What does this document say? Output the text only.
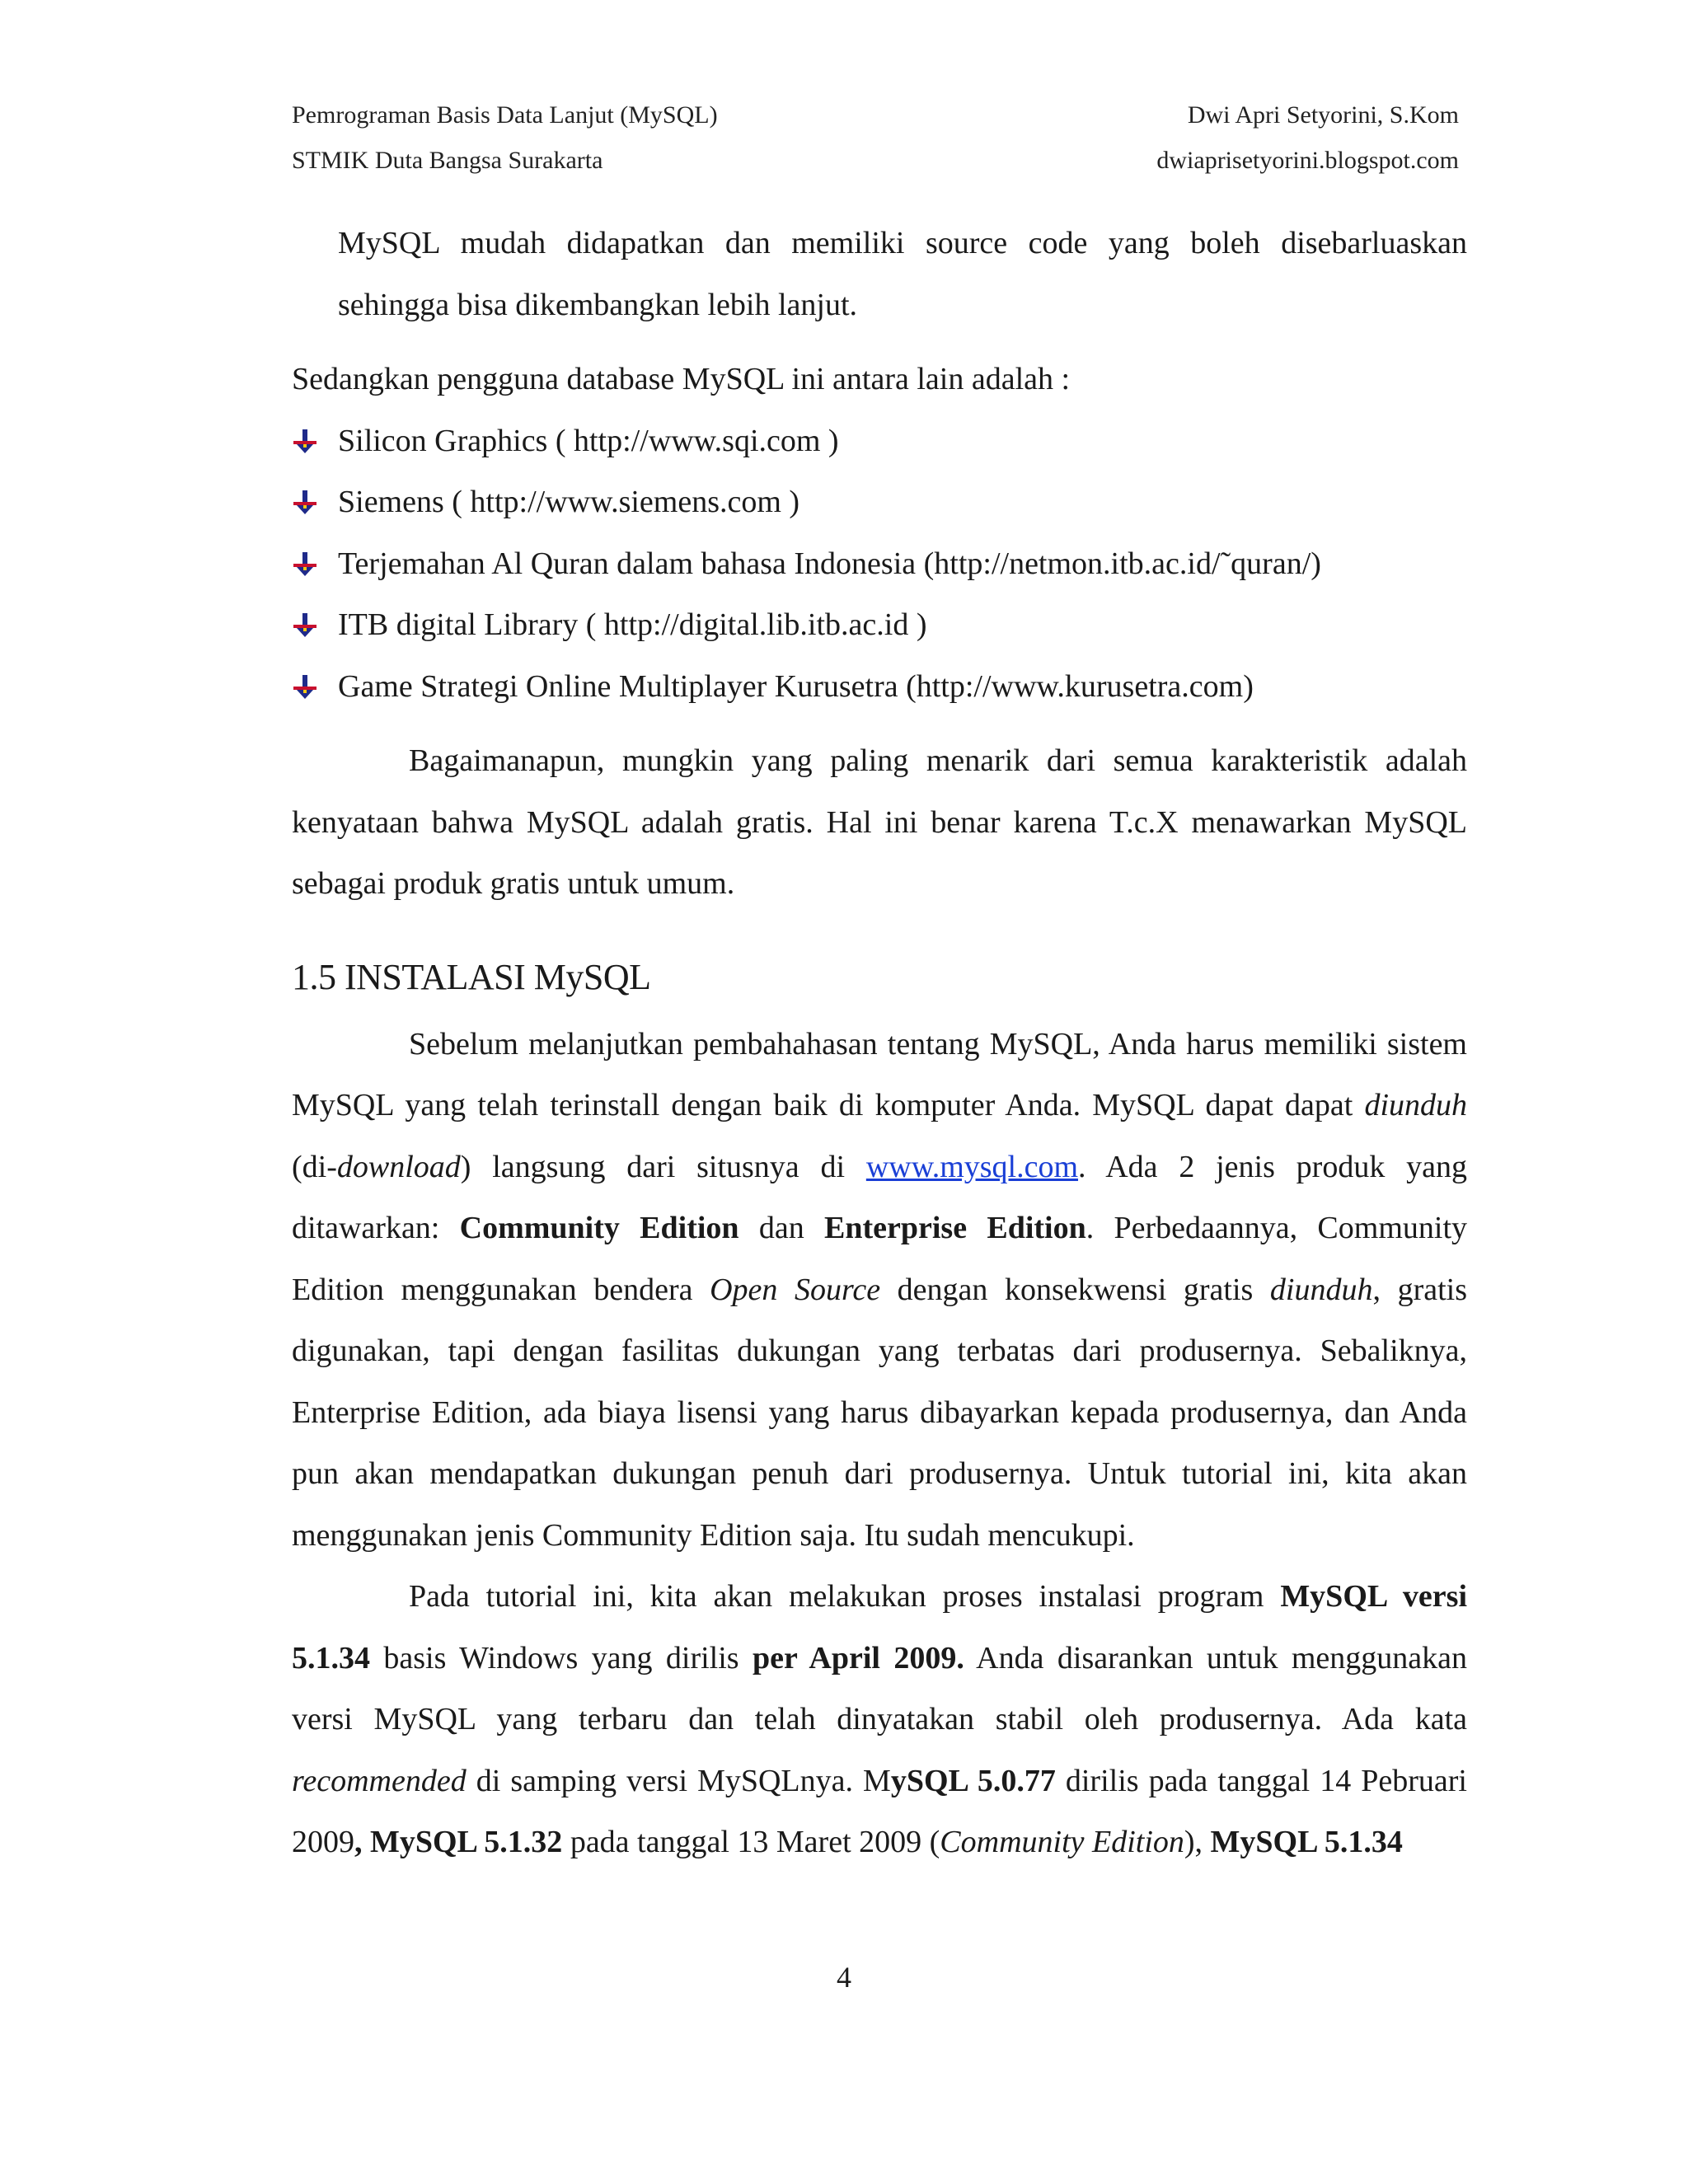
Pemrograman Basis Data Lanjut (MySQL)	Dwi Apri Setyorini, S.Kom
STMIK Duta Bangsa Surakarta	dwiaprisetyorini.blogspot.com

MySQL mudah didapatkan dan memiliki source code yang boleh disebarluaskan sehingga bisa dikembangkan lebih lanjut.

Sedangkan pengguna database MySQL ini antara lain adalah :

Silicon Graphics ( http://www.sqi.com )
Siemens ( http://www.siemens.com )
Terjemahan Al Quran dalam bahasa Indonesia (http://netmon.itb.ac.id/˜quran/)
ITB digital Library ( http://digital.lib.itb.ac.id )
Game Strategi Online Multiplayer Kurusetra (http://www.kurusetra.com)

Bagaimanapun, mungkin yang paling menarik dari semua karakteristik adalah kenyataan bahwa MySQL adalah gratis. Hal ini benar karena T.c.X menawarkan MySQL sebagai produk gratis untuk umum.

1.5 INSTALASI MySQL

Sebelum melanjutkan pembahahasan tentang MySQL, Anda harus memiliki sistem MySQL yang telah terinstall dengan baik di komputer Anda. MySQL dapat dapat diunduh (di-download) langsung dari situsnya di www.mysql.com. Ada 2 jenis produk yang ditawarkan: Community Edition dan Enterprise Edition. Perbedaannya, Community Edition menggunakan bendera Open Source dengan konsekwensi gratis diunduh, gratis digunakan, tapi dengan fasilitas dukungan yang terbatas dari produsernya. Sebaliknya, Enterprise Edition, ada biaya lisensi yang harus dibayarkan kepada produsernya, dan Anda pun akan mendapatkan dukungan penuh dari produsernya. Untuk tutorial ini, kita akan menggunakan jenis Community Edition saja. Itu sudah mencukupi.

Pada tutorial ini, kita akan melakukan proses instalasi program MySQL versi 5.1.34 basis Windows yang dirilis per April 2009. Anda disarankan untuk menggunakan versi MySQL yang terbaru dan telah dinyatakan stabil oleh produsernya. Ada kata recommended di samping versi MySQLnya. MySQL 5.0.77 dirilis pada tanggal 14 Pebruari 2009, MySQL 5.1.32 pada tanggal 13 Maret 2009 (Community Edition), MySQL 5.1.34

4
